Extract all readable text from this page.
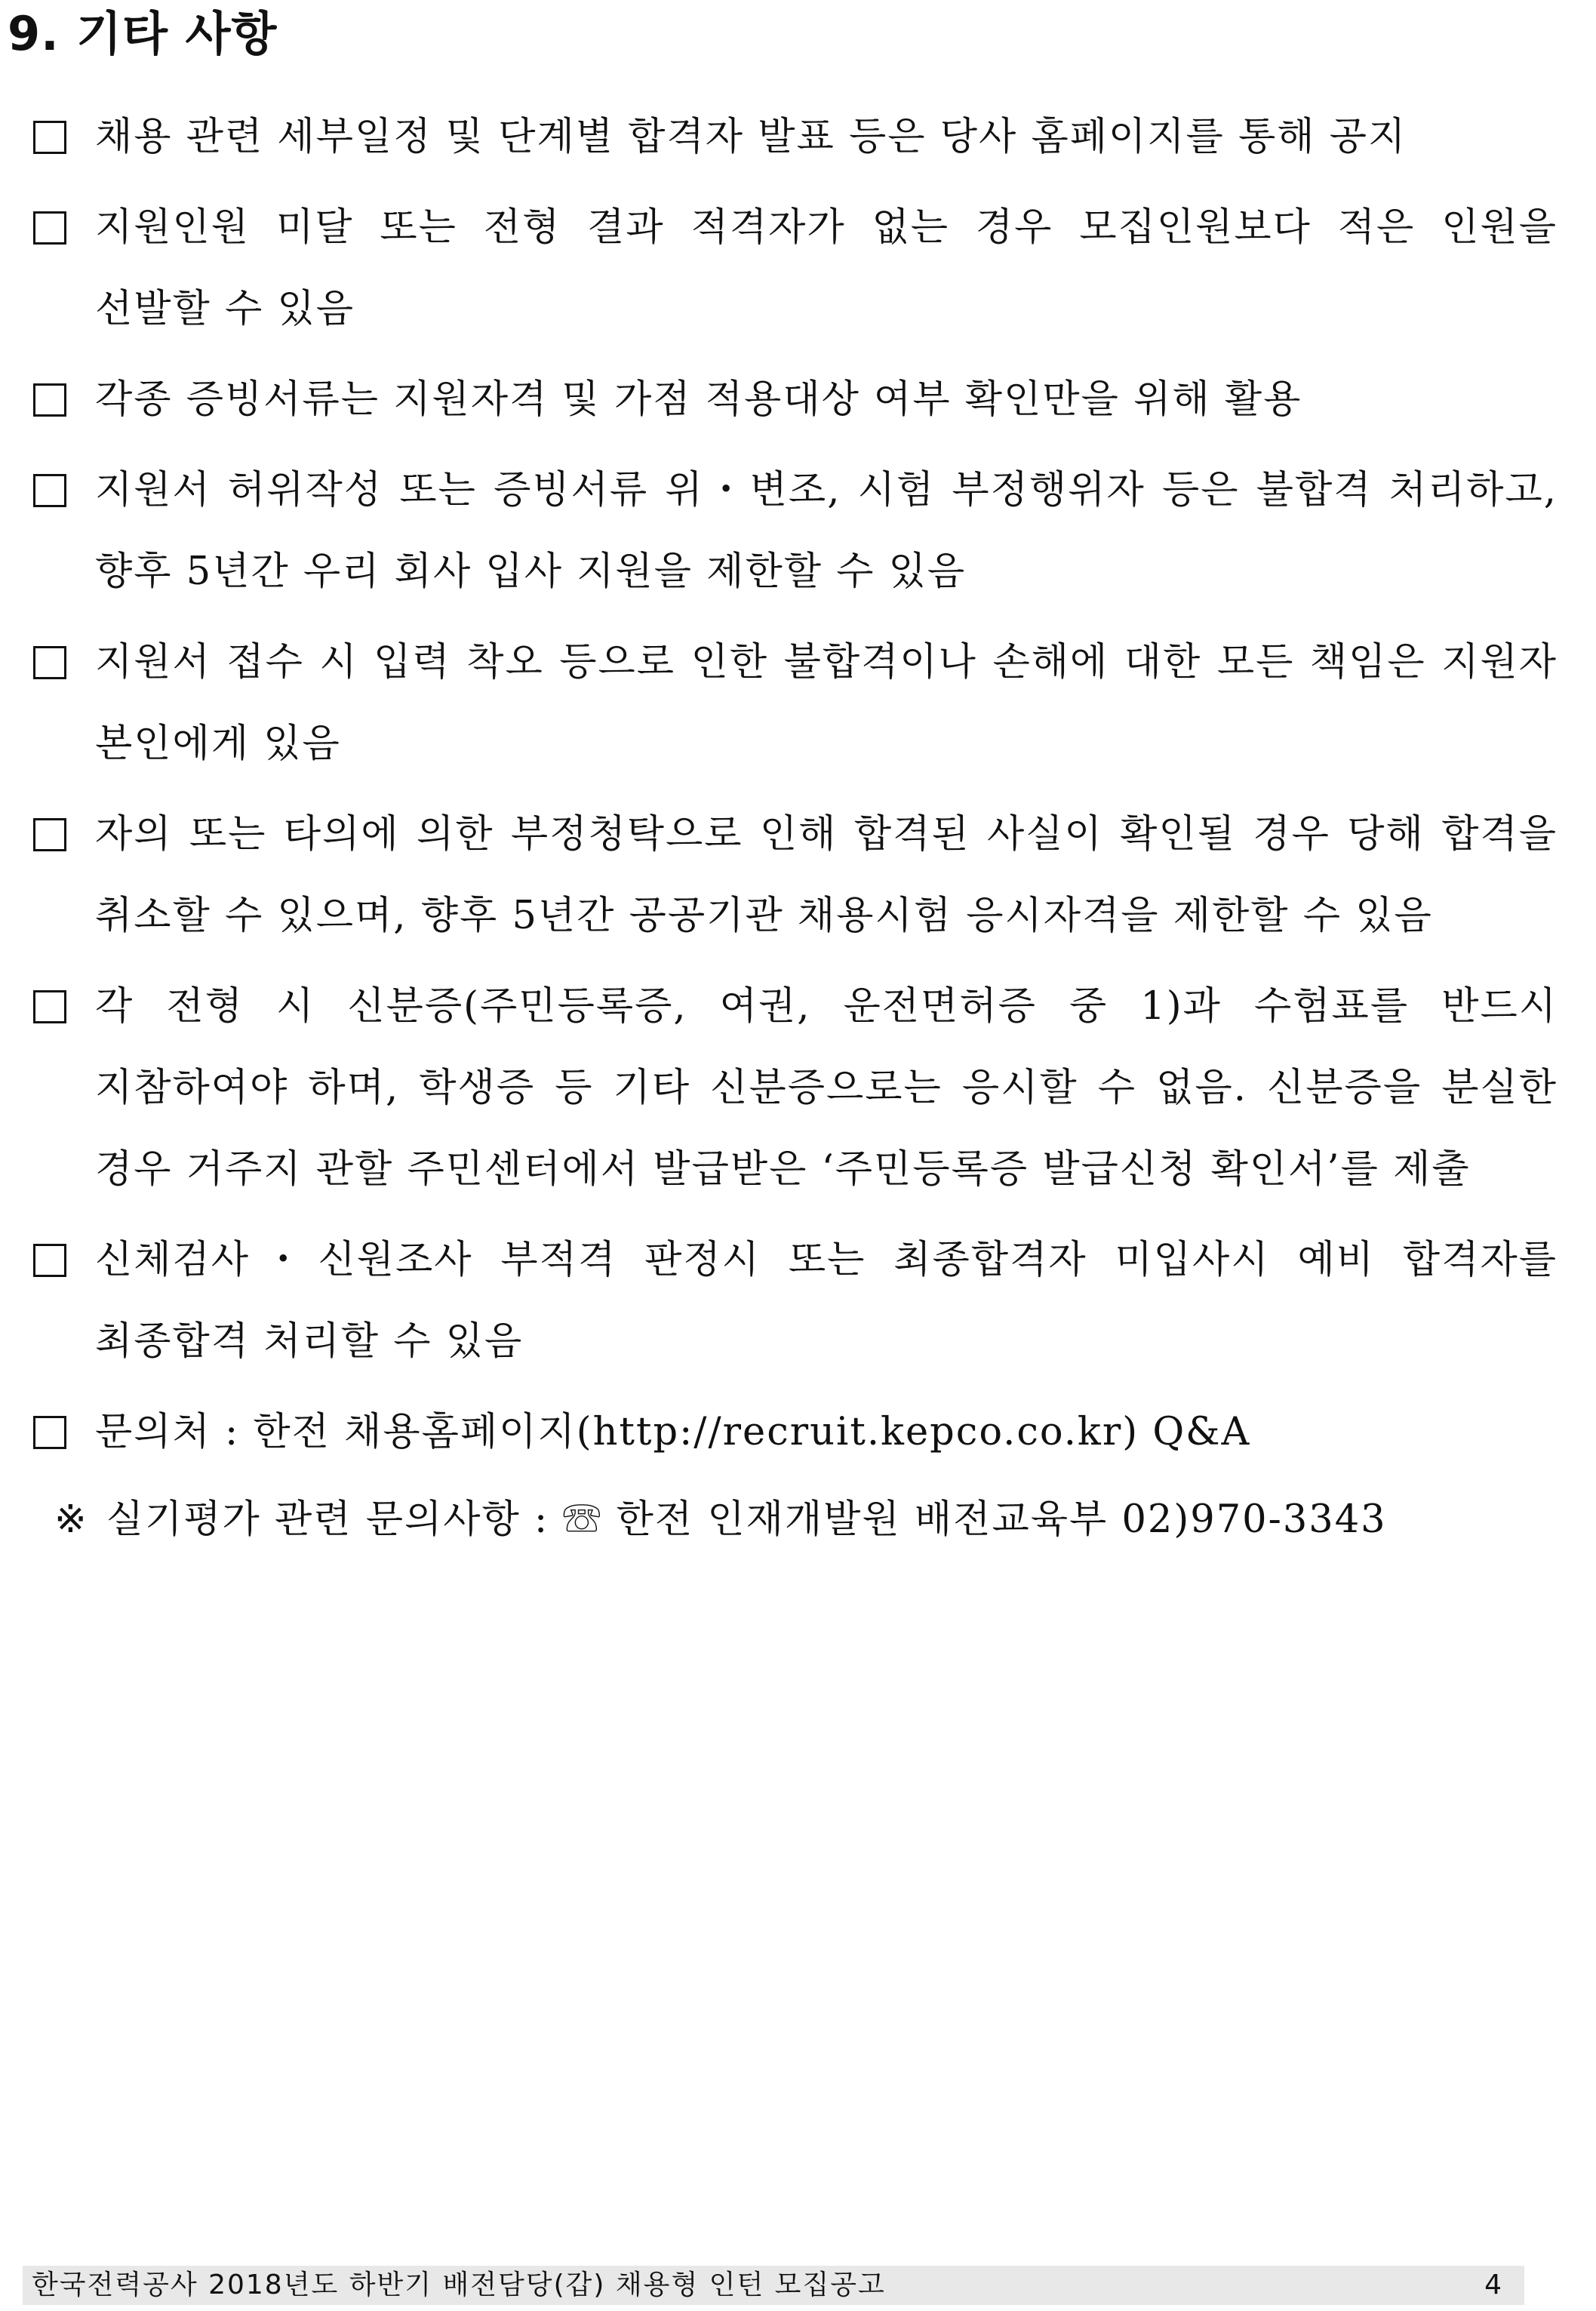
9. 기타 사항
채용 관련 세부일정 및 단계별 합격자 발표 등은 당사 홈페이지를 통해 공지
지원인원 미달 또는 전형 결과 적격자가 없는 경우 모집인원보다 적은 인원을 선발할 수 있음
각종 증빙서류는 지원자격 및 가점 적용대상 여부 확인만을 위해 활용
지원서 허위작성 또는 증빙서류 위・변조, 시험 부정행위자 등은 불합격 처리하고, 향후 5년간 우리 회사 입사 지원을 제한할 수 있음
지원서 접수 시 입력 착오 등으로 인한 불합격이나 손해에 대한 모든 책임은 지원자 본인에게 있음
자의 또는 타의에 의한 부정청탁으로 인해 합격된 사실이 확인될 경우 당해 합격을 취소할 수 있으며, 향후 5년간 공공기관 채용시험 응시자격을 제한할 수 있음
각 전형 시 신분증(주민등록증, 여권, 운전면허증 중 1)과 수험표를 반드시 지참하여야 하며, 학생증 등 기타 신분증으로는 응시할 수 없음. 신분증을 분실한 경우 거주지 관할 주민센터에서 발급받은 ‘주민등록증 발급신청 확인서’를 제출
신체검사・신원조사 부적격 판정시 또는 최종합격자 미입사시 예비 합격자를 최종합격 처리할 수 있음
문의처 : 한전 채용홈페이지(http://recruit.kepco.co.kr) Q&A
※ 실기평가 관련 문의사항 : ☏ 한전 인재개발원 배전교육부 02)970-3343
한국전력공사 2018년도 하반기 배전담당(갑) 채용형 인턴 모집공고	4
